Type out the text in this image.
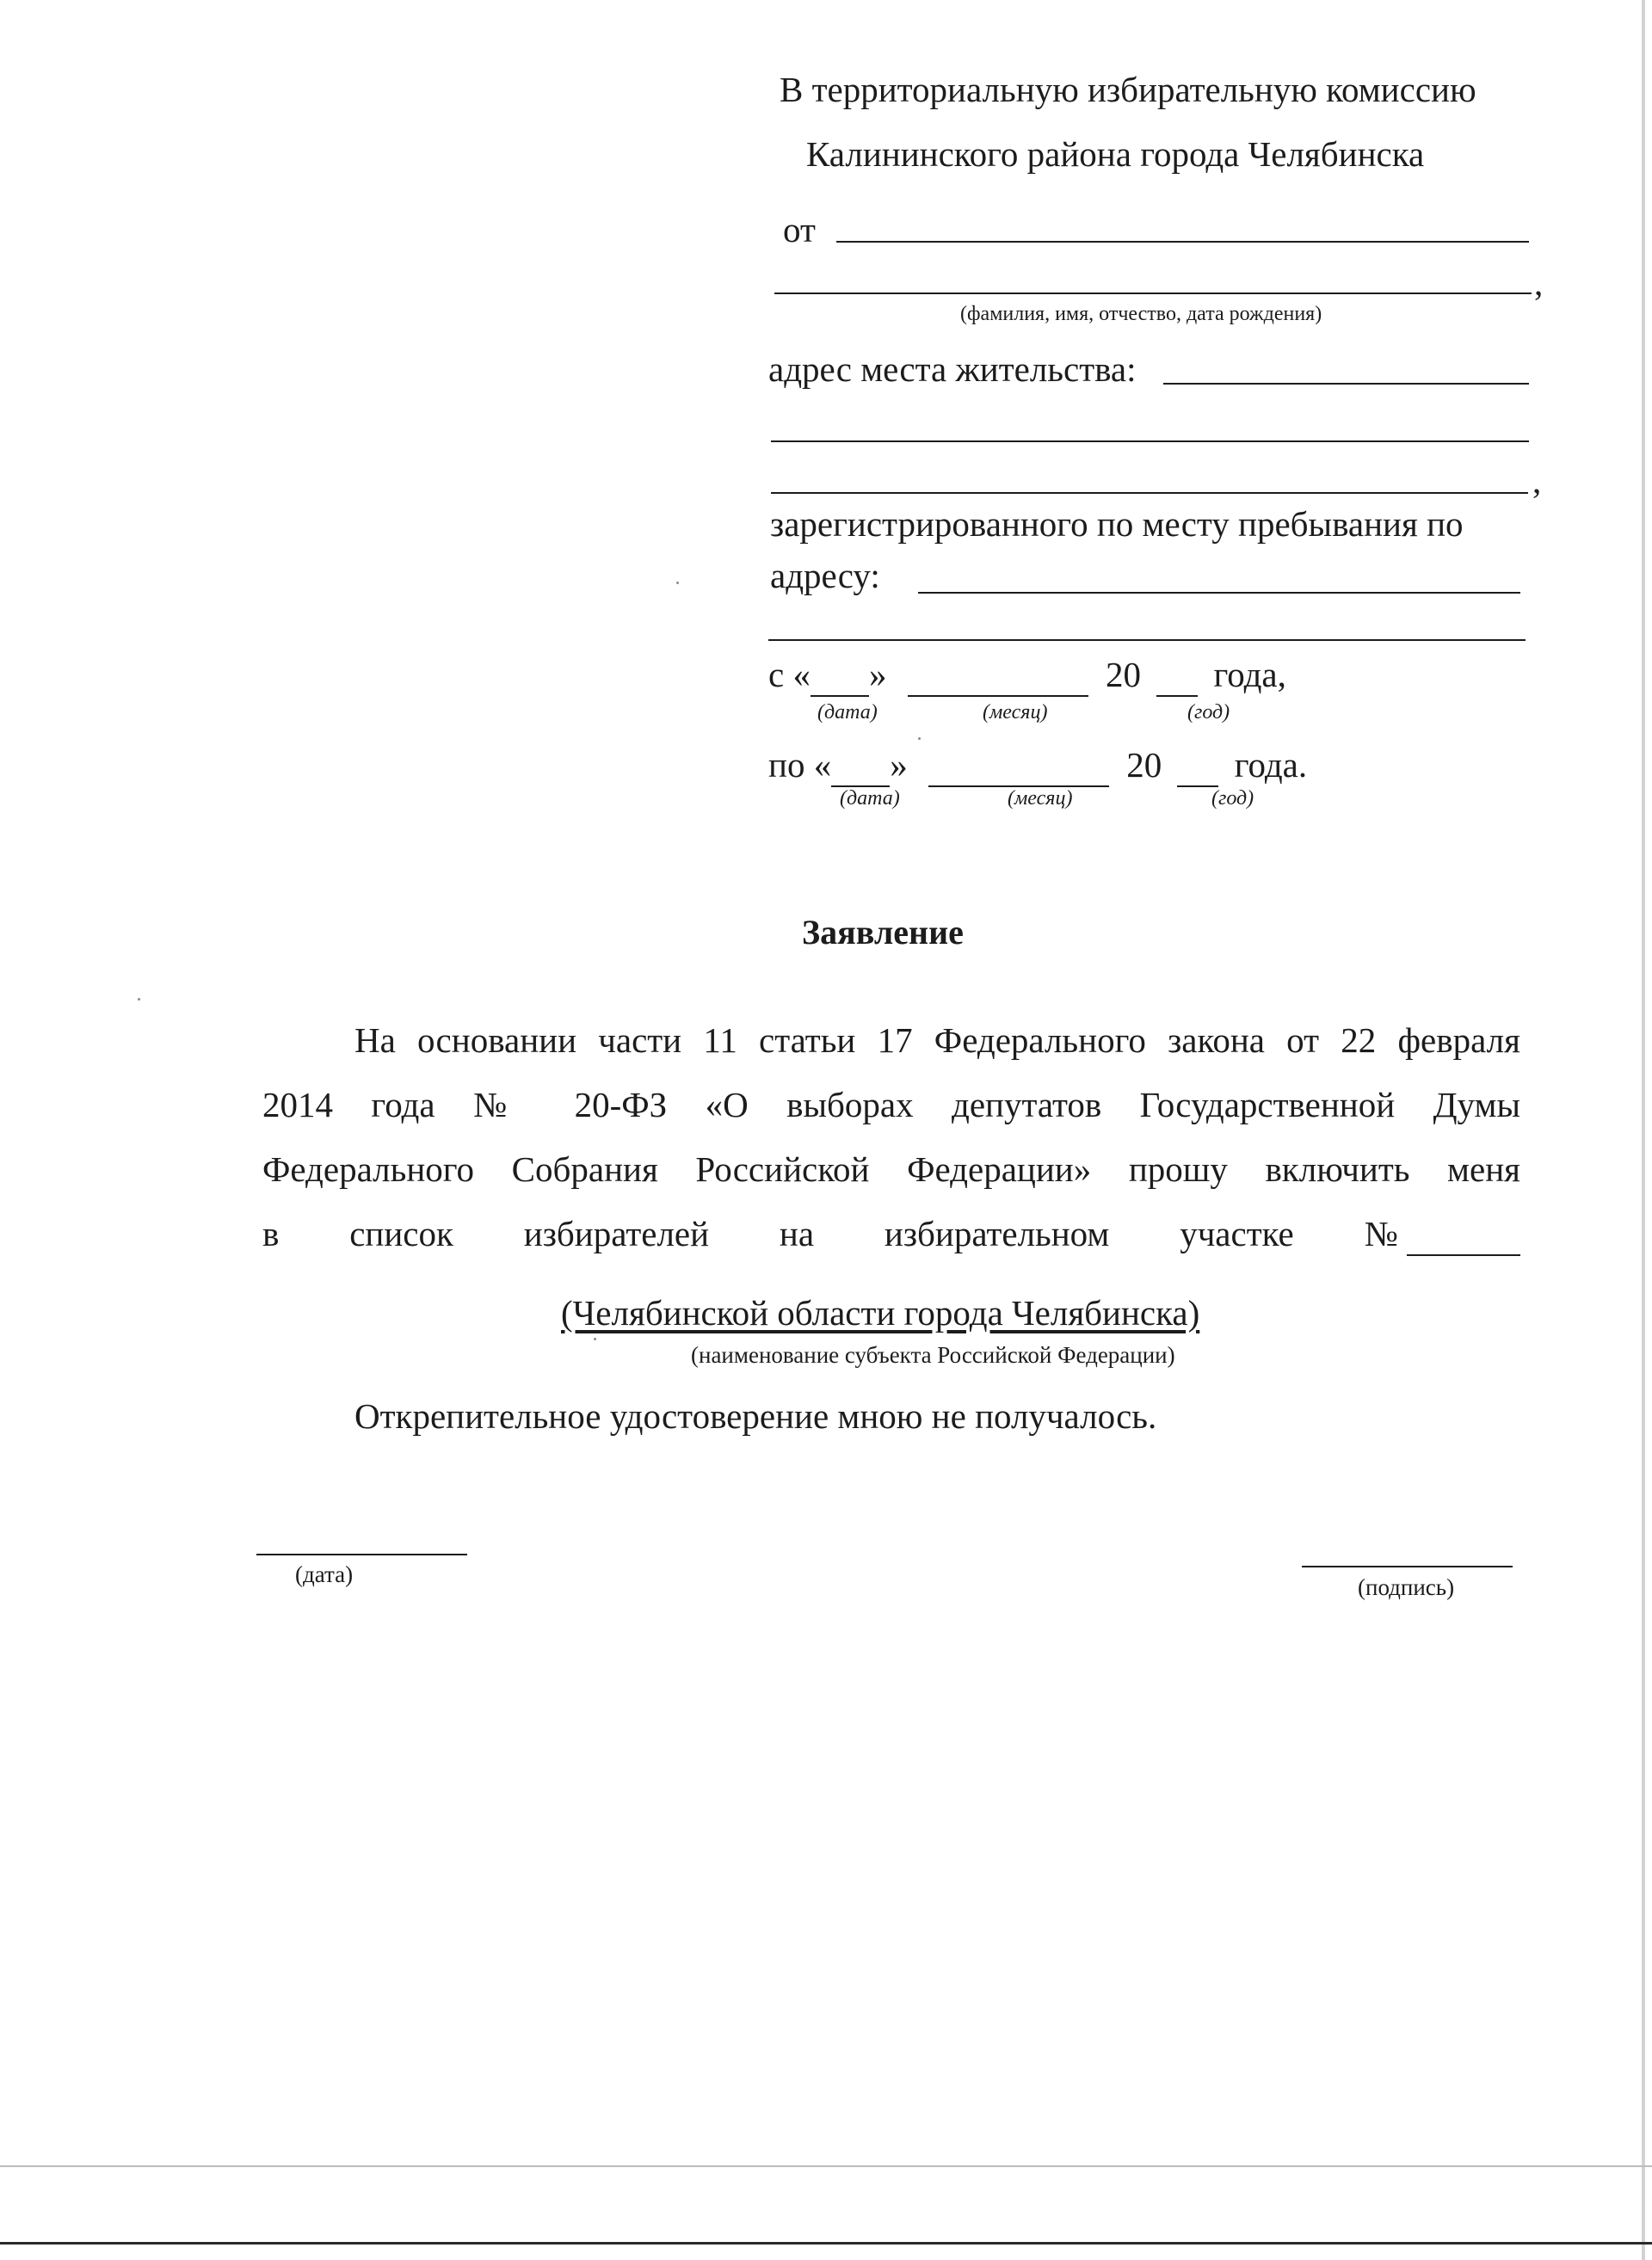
В территориальную избирательную комиссию
Калининского района города Челябинска
от
,
(фамилия, имя, отчество, дата рождения)
адрес места жительства:
,
зарегистрированного по месту пребывания по
адресу:
с « »	20 года,
(дата)	(месяц)	(год)
по « »	20 года.
(дата)	(месяц)	(год)
Заявление
На основании части 11 статьи 17 Федерального закона от 22 февраля
2014 года № 20-ФЗ «О выборах депутатов Государственной Думы
Федерального Собрания Российской Федерации» прошу включить меня
в список избирателей на избирательном участке №
(Челябинской области города Челябинска)
(наименование субъекта Российской Федерации)
Открепительное удостоверение мною не получалось.
(дата)	(подпись)
